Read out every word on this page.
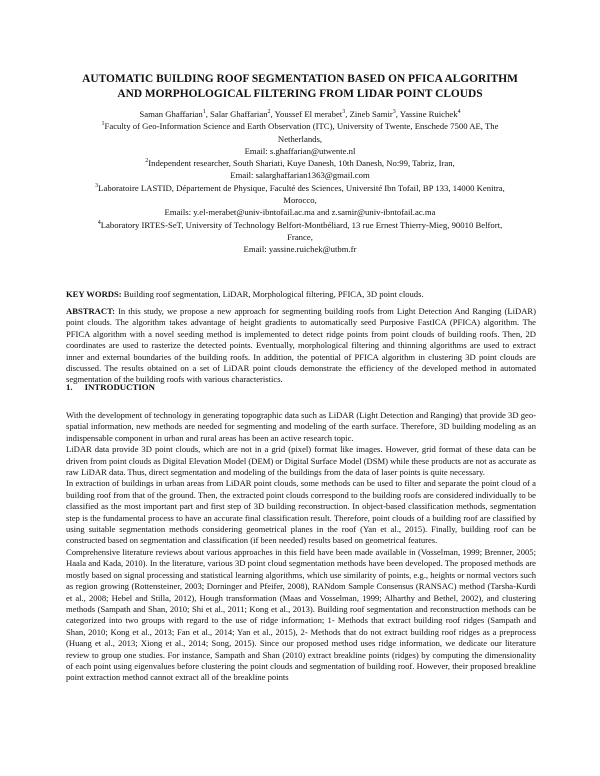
AUTOMATIC BUILDING ROOF SEGMENTATION BASED ON PFICA ALGORITHM
AND MORPHOLOGICAL FILTERING FROM LIDAR POINT CLOUDS
Saman Ghaffarian$^1$, Salar Ghaffarian$^2$, Youssef El merabet$^3$, Zineb Samir$^3$, Yassine Ruichek$^4$
$^1$Faculty of Geo-Information Science and Earth Observation (ITC), University of Twente, Enschede 7500 AE, The
Netherlands,
Email: s.ghaffarian@utwente.nl
$^2$Independent researcher, South Shariati, Kuye Danesh, 10th Danesh, No:99, Tabriz, Iran,
Email: salarghaffarian1363@gmail.com
$^3$Laboratoire LASTID, Département de Physique, Faculté des Sciences, Université Ibn Tofail, BP 133, 14000 Kenitra,
Morocco,
Emails: y.el-merabet@univ-ibntofail.ac.ma and z.samir@univ-ibntofail.ac.ma
$^4$Laboratory IRTES-SeT, University of Technology Belfort-Montbéliard, 13 rue Ernest Thierry-Mieg, 90010 Belfort,
France,
Email: yassine.ruichek@utbm.fr
KEY WORDS: Building roof segmentation, LiDAR, Morphological filtering, PFICA, 3D point clouds.
ABSTRACT: In this study, we propose a new approach for segmenting building roofs from Light Detection And Ranging (LiDAR) point clouds. The algorithm takes advantage of height gradients to automatically seed Purposive FastICA (PFICA) algorithm. The PFICA algorithm with a novel seeding method is implemented to detect ridge points from point clouds of building roofs. Then, 2D coordinates are used to rasterize the detected points. Eventually, morphological filtering and thinning algorithms are used to extract inner and external boundaries of the building roofs. In addition, the potential of PFICA algorithm in clustering 3D point clouds are discussed. The results obtained on a set of LiDAR point clouds demonstrate the efficiency of the developed method in automated segmentation of the building roofs with various characteristics.
1. INTRODUCTION

With the development of technology in generating topographic data such as LiDAR (Light Detection and Ranging) that provide 3D geo-spatial information, new methods are needed for segmenting and modeling of the earth surface. Therefore, 3D building modeling as an indispensable component in urban and rural areas has been an active research topic.

LiDAR data provide 3D point clouds, which are not in a grid (pixel) format like images. However, grid format of these data can be driven from point clouds as Digital Elevation Model (DEM) or Digital Surface Model (DSM) while these products are not as accurate as raw LiDAR data. Thus, direct segmentation and modeling of the buildings from the data of laser points is quite necessary.

In extraction of buildings in urban areas from LiDAR point clouds, some methods can be used to filter and separate the point cloud of a building roof from that of the ground. Then, the extracted point clouds correspond to the building roofs are considered individually to be classified as the most important part and first step of 3D building reconstruction. In object-based classification methods, segmentation step is the fundamental process to have an accurate final classification result. Therefore, point clouds of a building roof are classified by using suitable segmentation methods considering geometrical planes in the roof (Yan et al., 2015). Finally, building roof can be constructed based on segmentation and classification (if been needed) results based on geometrical features.

Comprehensive literature reviews about various approaches in this field have been made available in (Vosselman, 1999; Brenner, 2005; Haala and Kada, 2010). In the literature, various 3D point cloud segmentation methods have been developed. The proposed methods are mostly based on signal processing and statistical learning algorithms, which use similarity of points, e.g., heights or normal vectors such as region growing (Rottensteiner, 2003; Dorninger and Pfeifer, 2008), RANdom Sample Consensus (RANSAC) method (Tarsha-Kurdi et al., 2008; Hebel and Stilla, 2012), Hough transformation (Maas and Vosselman, 1999; Alharthy and Bethel, 2002), and clustering methods (Sampath and Shan, 2010; Shi et al., 2011; Kong et al., 2013). Building roof segmentation and reconstruction methods can be categorized into two groups with regard to the use of ridge information; 1- Methods that extract building roof ridges (Sampath and Shan, 2010; Kong et al., 2013; Fan et al., 2014; Yan et al., 2015), 2- Methods that do not extract building roof ridges as a preprocess (Huang et al., 2013; Xiong et al., 2014; Song, 2015). Since our proposed method uses ridge information, we dedicate our literature review to group one studies. For instance, Sampath and Shan (2010) extract breakline points (ridges) by computing the dimensionality of each point using eigenvalues before clustering the point clouds and segmentation of building roof. However, their proposed breakline point extraction method cannot extract all of the breakline points
